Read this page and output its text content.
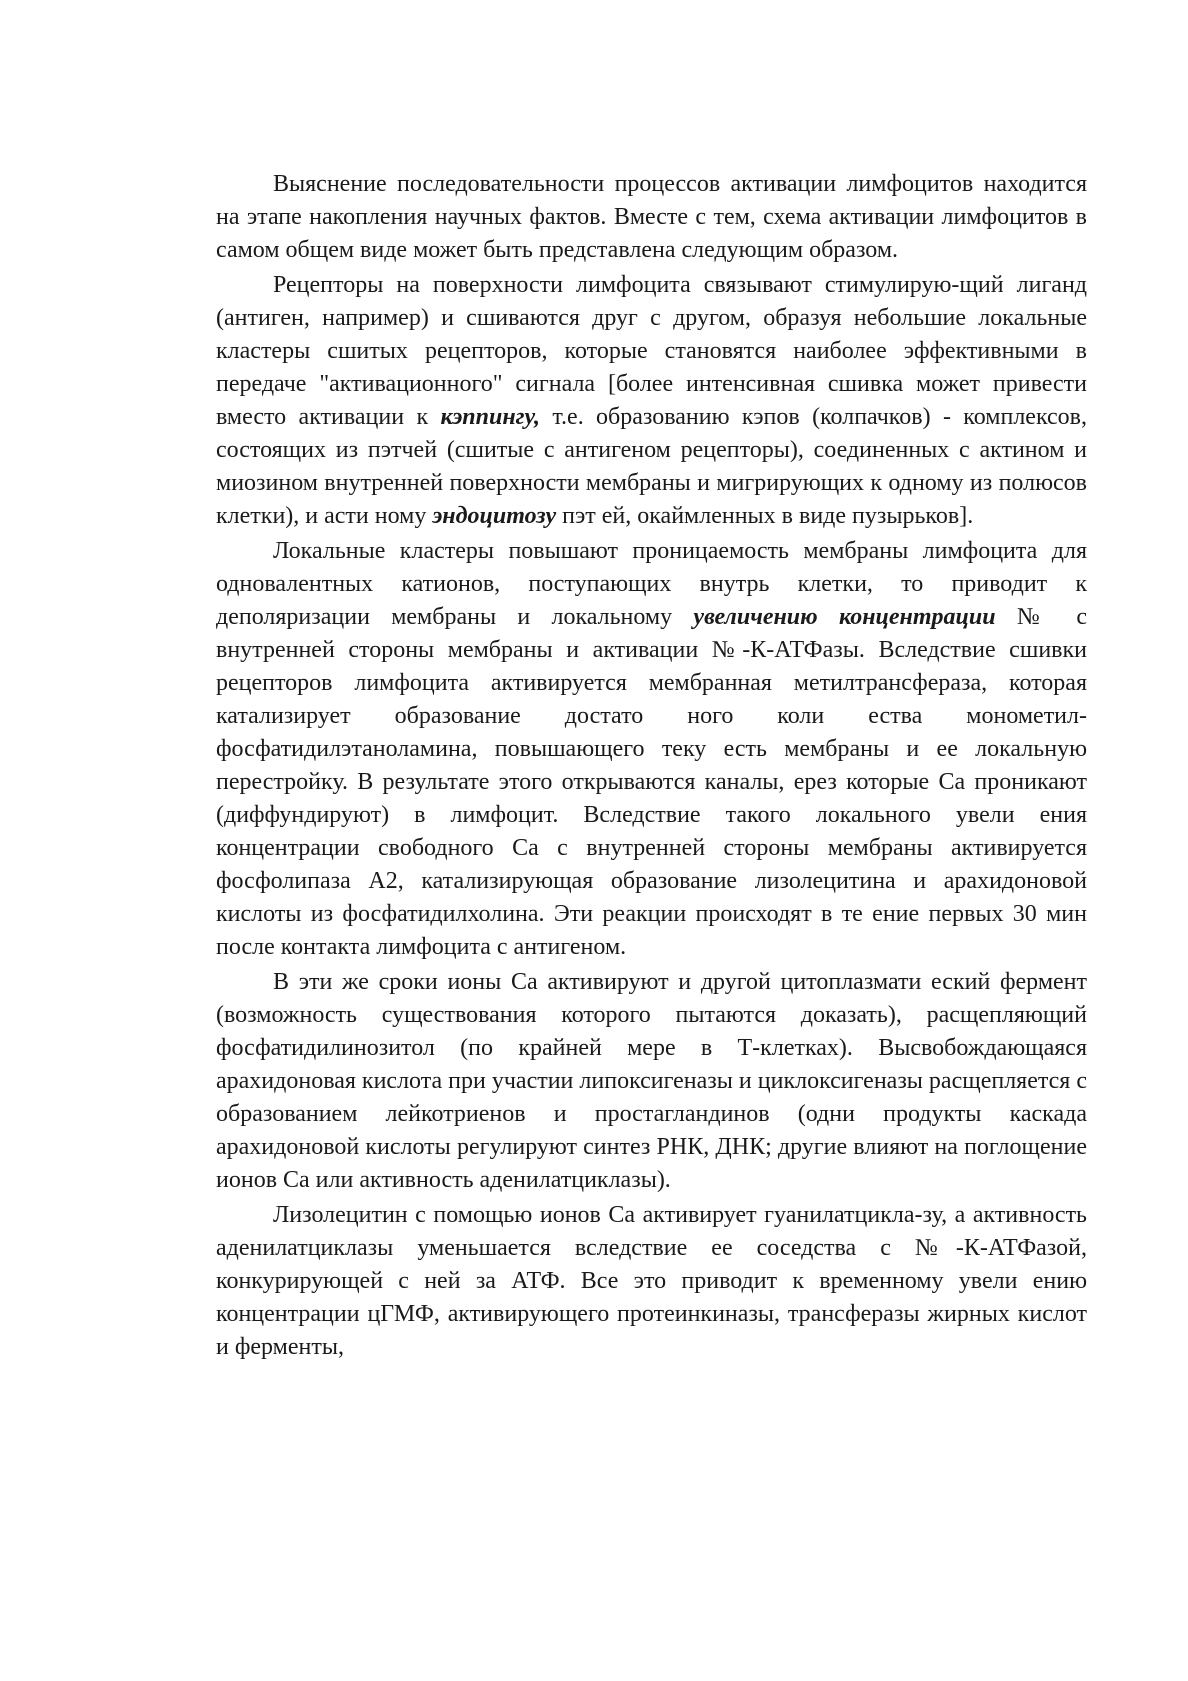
Выяснение последовательности процессов активации лимфоцитов находится на этапе накопления научных фактов. Вместе с тем, схема активации лимфоцитов в самом общем виде может быть представлена следующим образом.

Рецепторы на поверхности лимфоцита связывают стимулирую-щий лиганд (антиген, например) и сшиваются друг с другом, образуя небольшие локальные кластеры сшитых рецепторов, которые становятся наиболее эффективными в передаче "активационного" сигнала [более интенсивная сшивка может привести вместо активации к кэппингу, т.е. образованию кэпов (колпачков) - комплексов, состоящих из пэтчей (сшитые с антигеном рецепторы), соединенных с актином и миозином внутренней поверхности мембраны и мигрирующих к одному из полюсов клетки), и асти ному эндоцитозу пэт ей, окаймленных в виде пузырьков].

Локальные кластеры повышают проницаемость мембраны лимфоцита для одновалентных катионов, поступающих внутрь клетки, то приводит к деполяризации мембраны и локальному увеличению концентрации № с внутренней стороны мембраны и активации №-К-АТФазы. Вследствие сшивки рецепторов лимфоцита активируется мембранная метилтрансфераза, которая катализирует образование достато ного коли ества монометил-фосфатидилэтаноламина, повышающего теку есть мембраны и ее локальную перестройку. В результате этого открываются каналы, ерез которые Са проникают (диффундируют) в лимфоцит. Вследствие такого локального увели ения концентрации свободного Са с внутренней стороны мембраны активируется фосфолипаза А2, катализирующая образование лизолецитина и арахидоновой кислоты из фосфатидилхолина. Эти реакции происходят в те ение первых 30 мин после контакта лимфоцита с антигеном.

В эти же сроки ионы Са активируют и другой цитоплазмати еский фермент (возможность существования которого пытаются доказать), расщепляющий фосфатидилинозитол (по крайней мере в Т-клетках). Высвобождающаяся арахидоновая кислота при участии липоксигеназы и циклоксигеназы расщепляется с образованием лейкотриенов и простагландинов (одни продукты каскада арахидоновой кислоты регулируют синтез РНК, ДНК; другие влияют на поглощение ионов Са или активность аденилатциклазы).

Лизолецитин с помощью ионов Са активирует гуанилатцикла-зу, а активность аденилатциклазы уменьшается вследствие ее соседства с №-К-АТФазой, конкурирующей с ней за АТФ. Все это приводит к временному увели ению концентрации цГМФ, активирующего протеинкиназы, трансферазы жирных кислот и ферменты,
